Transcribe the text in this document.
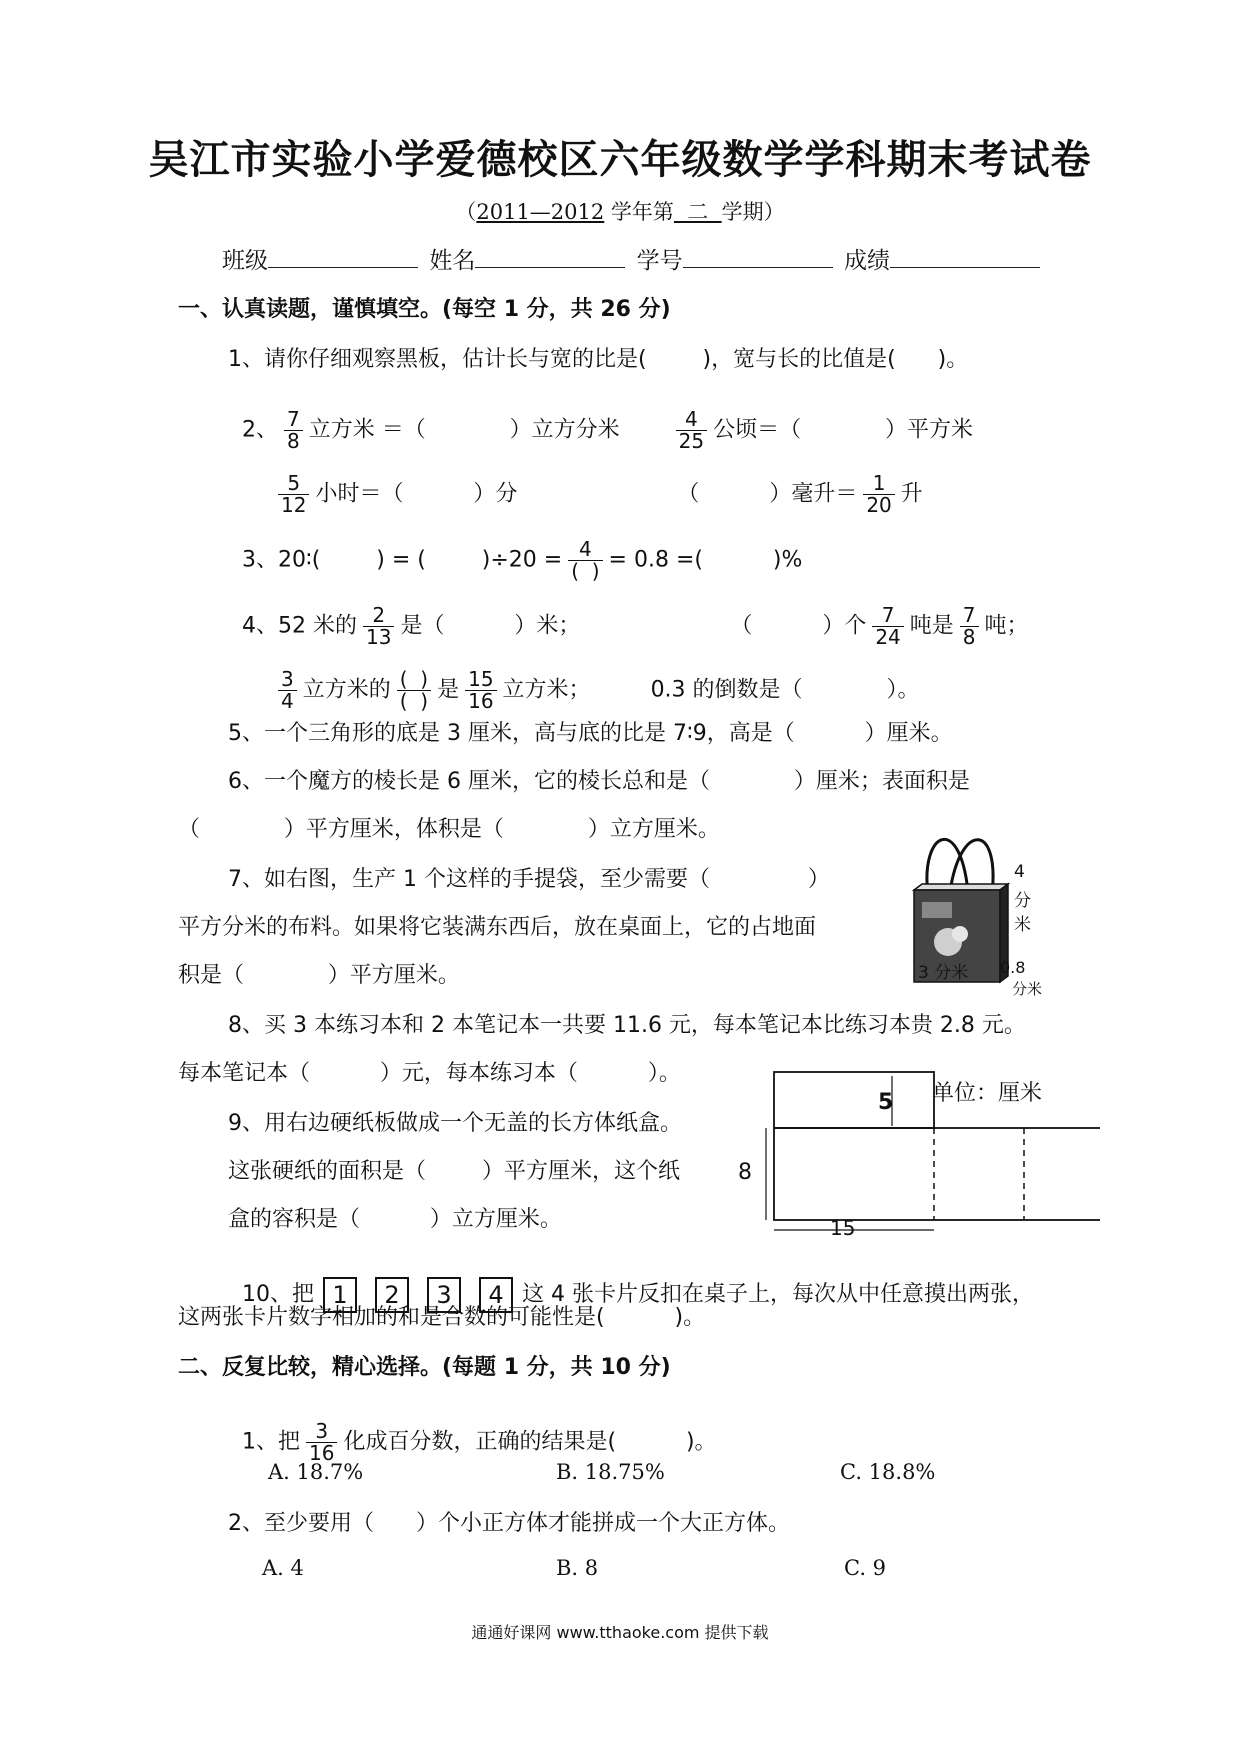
吴江市实验小学爱德校区六年级数学学科期末考试卷
（2011—2012 学年第  二  学期）
班级	姓名	学号	成绩
一、认真读题，谨慎填空。(每空 1 分，共 26 分)
1、请你仔细观察黑板，估计长与宽的比是(        )，宽与长的比值是(      )。

2、 $\frac{7}{8}$ 立方米 ＝（            ）立方分米	$\frac{4}{25}$ 公顷＝（            ）平方米

$\frac{5}{12}$ 小时＝（          ）分	（          ）毫升＝ $\frac{1}{20}$ 升

3、20∶(        ) = (        )$\div 20 = \frac{4}{( )} = 0.8$ =(          )%

4、52 米的 $\frac{2}{13}$ 是（          ）米；	（          ）个 $\frac{7}{24}$ 吨是 $\frac{7}{8}$ 吨；

$\frac{3}{4}$ 立方米的 $\frac{( )}{( )}$ 是 $\frac{15}{16}$ 立方米；	0.3 的倒数是（            ）。

5、一个三角形的底是 3 厘米，高与底的比是 7∶9，高是（          ）厘米。
6、一个魔方的棱长是 6 厘米，它的棱长总和是（            ）厘米；表面积是
（            ）平方厘米，体积是（            ）立方厘米。
7、如右图，生产 1 个这样的手提袋，至少需要（              ）
平方分米的布料。如果将它装满东西后，放在桌面上，它的占地面
积是（            ）平方厘米。
4
分
米
3 分米 0.8
分米
8、买 3 本练习本和 2 本笔记本一共要 11.6 元，每本笔记本比练习本贵 2.8 元。
每本笔记本（          ）元，每本练习本（          ）。
9、用右边硬纸板做成一个无盖的长方体纸盒。
这张硬纸的面积是（        ）平方厘米，这个纸
盒的容积是（          ）立方厘米。
单位：厘米
5
8
15

10、把 1 2 3 4 这 4 张卡片反扣在桌子上，每次从中任意摸出两张，

这两张卡片数字相加的和是合数的可能性是(          )。
二、反复比较，精心选择。(每题 1 分，共 10 分)

1、把 $\frac{3}{16}$ 化成百分数，正确的结果是(          )。

A. 18.7%	B. 18.75%	C. 18.8%
2、至少要用（      ）个小正方体才能拼成一个大正方体。
A. 4	B. 8	C. 9
通通好课网 www.tthaoke.com 提供下载
